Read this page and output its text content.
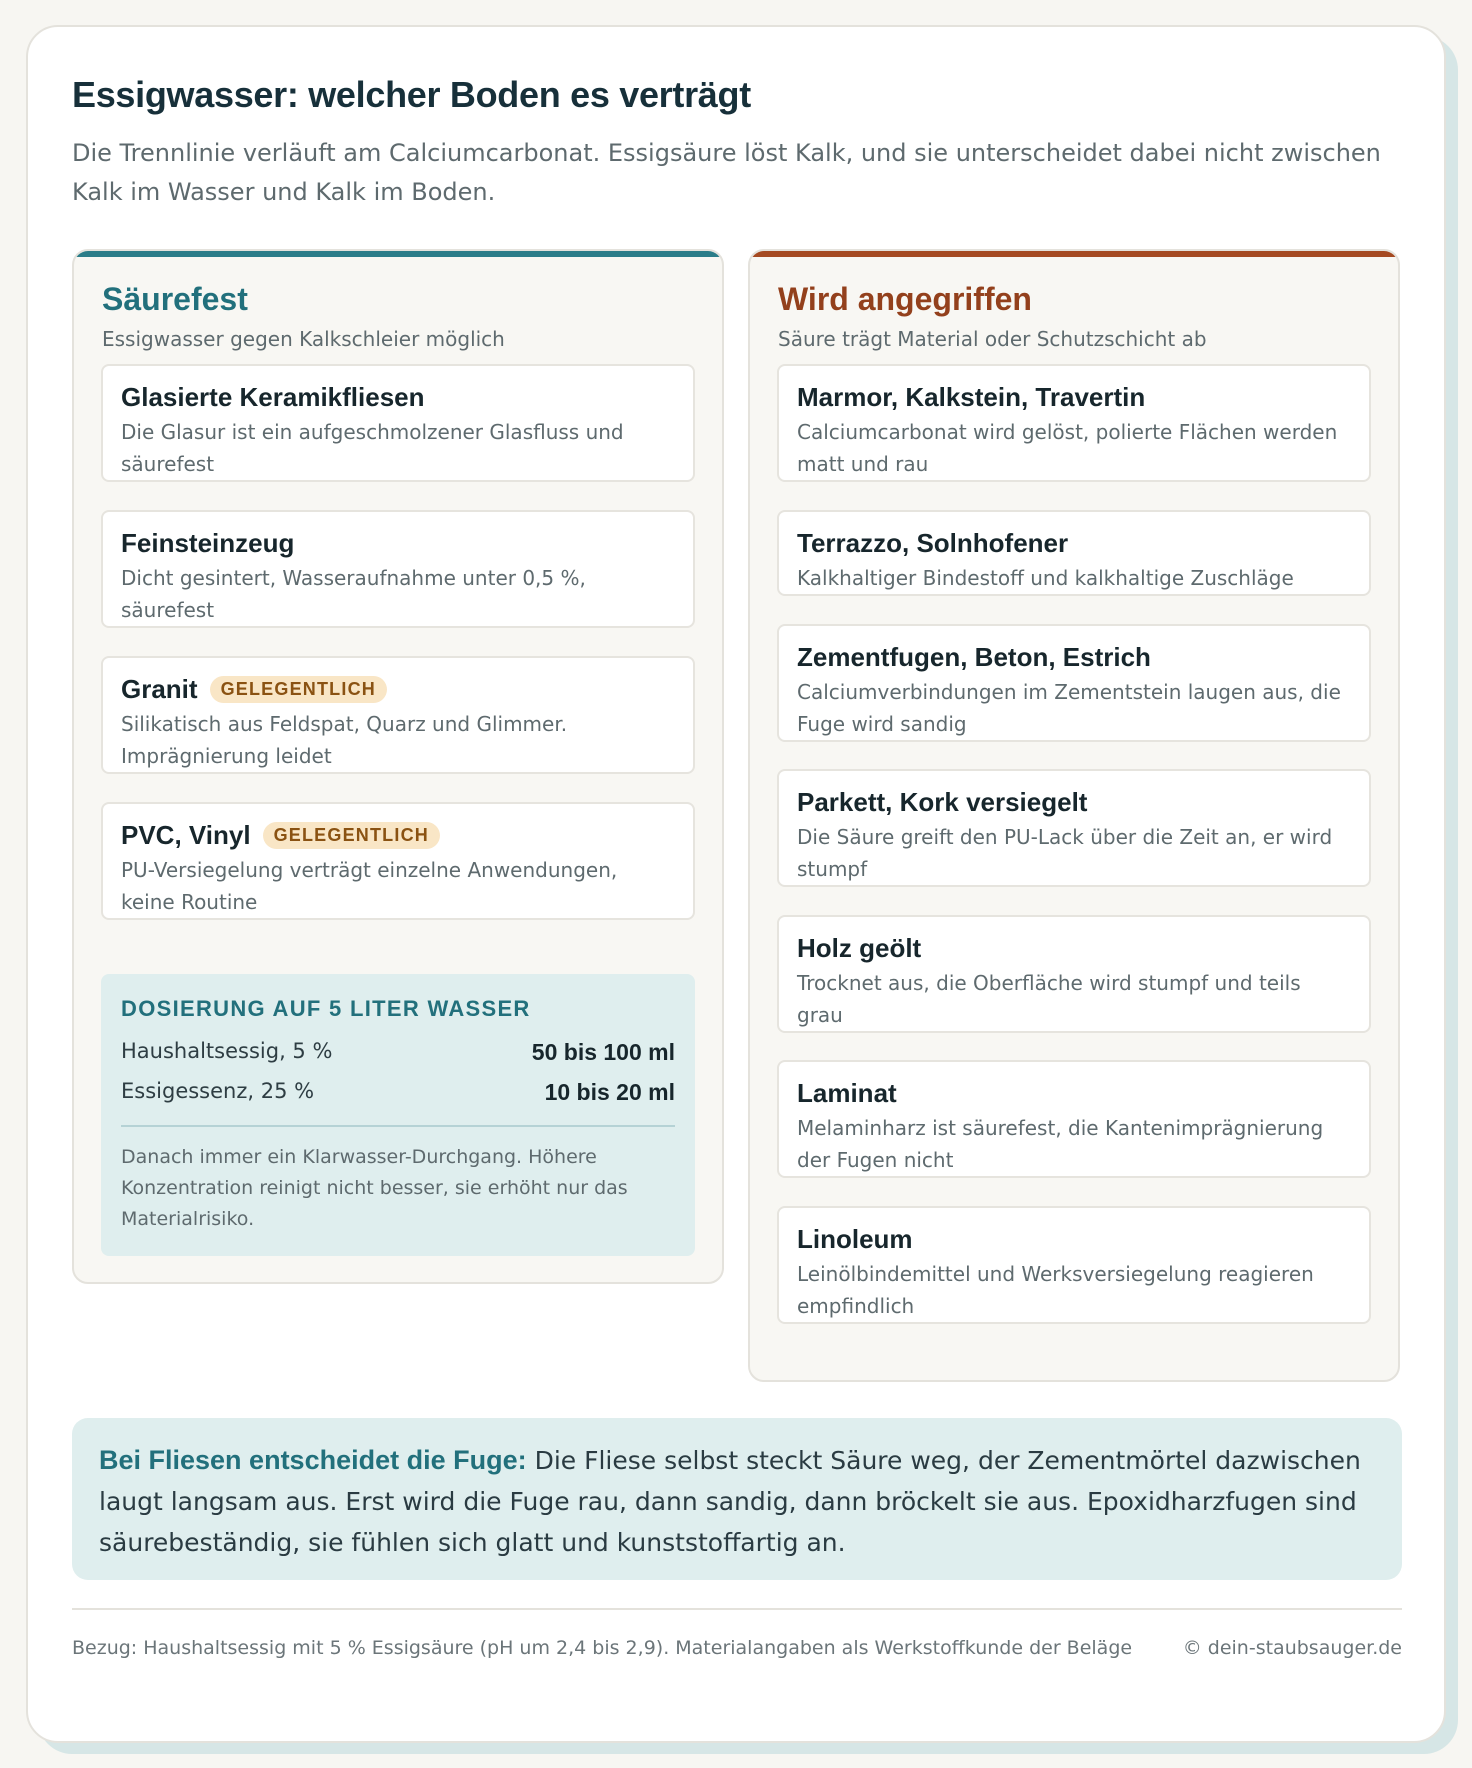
Essigwasser: welcher Boden es verträgt

Die Trennlinie verläuft am Calciumcarbonat. Essigsäure löst Kalk, und sie unterscheidet dabei nicht zwischen Kalk im Wasser und Kalk im Boden.

Säurefest
Essigwasser gegen Kalkschleier möglich
Glasierte Keramikfliesen
Die Glasur ist ein aufgeschmolzener Glasfluss und säurefest
Feinsteinzeug
Dicht gesintert, Wasseraufnahme unter 0,5 %, säurefest
Granit	GELEGENTLICH
Silikatisch aus Feldspat, Quarz und Glimmer. Imprägnierung leidet
PVC, Vinyl	GELEGENTLICH
PU-Versiegelung verträgt einzelne Anwendungen, keine Routine
DOSIERUNG AUF 5 LITER WASSER
Haushaltsessig, 5 %	50 bis 100 ml
Essigessenz, 25 %	10 bis 20 ml

Danach immer ein Klarwasser-Durchgang. Höhere Konzentration reinigt nicht besser, sie erhöht nur das Materialrisiko.

Wird angegriffen
Säure trägt Material oder Schutzschicht ab
Marmor, Kalkstein, Travertin
Calciumcarbonat wird gelöst, polierte Flächen werden matt und rau
Terrazzo, Solnhofener
Kalkhaltiger Bindestoff und kalkhaltige Zuschläge
Zementfugen, Beton, Estrich
Calciumverbindungen im Zementstein laugen aus, die Fuge wird sandig
Parkett, Kork versiegelt
Die Säure greift den PU-Lack über die Zeit an, er wird stumpf
Holz geölt
Trocknet aus, die Oberfläche wird stumpf und teils grau
Laminat
Melaminharz ist säurefest, die Kantenimprägnierung der Fugen nicht
Linoleum
Leinölbindemittel und Werksversiegelung reagieren empfindlich
Bei Fliesen entscheidet die Fuge: Die Fliese selbst steckt Säure weg, der Zementmörtel dazwischen laugt langsam aus. Erst wird die Fuge rau, dann sandig, dann bröckelt sie aus. Epoxidharzfugen sind säurebeständig, sie fühlen sich glatt und kunststoffartig an.

Bezug: Haushaltsessig mit 5 % Essigsäure (pH um 2,4 bis 2,9). Materialangaben als Werkstoffkunde der Beläge	© dein-staubsauger.de
